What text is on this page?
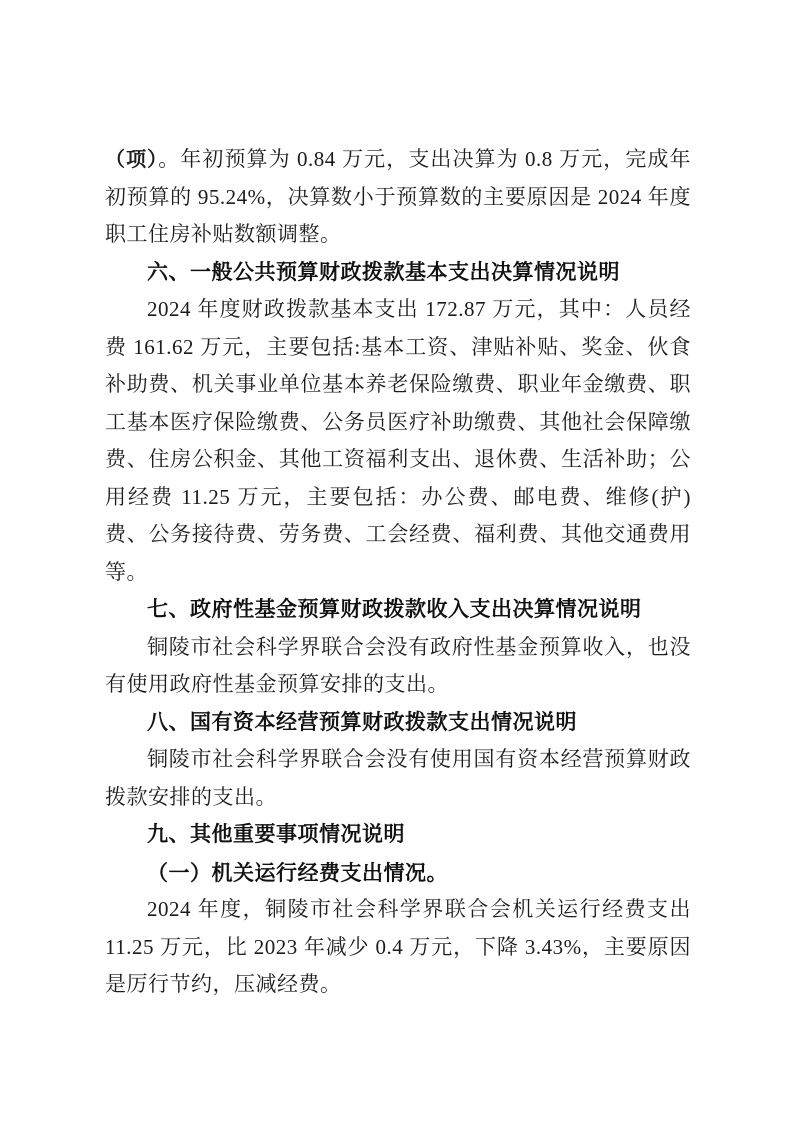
（项）。年初预算为 0.84 万元，支出决算为 0.8 万元，完成年初预算的 95.24%，决算数小于预算数的主要原因是 2024 年度职工住房补贴数额调整。

六、一般公共预算财政拨款基本支出决算情况说明

2024 年度财政拨款基本支出 172.87 万元，其中：人员经费 161.62 万元，主要包括:基本工资、津贴补贴、奖金、伙食补助费、机关事业单位基本养老保险缴费、职业年金缴费、职工基本医疗保险缴费、公务员医疗补助缴费、其他社会保障缴费、住房公积金、其他工资福利支出、退休费、生活补助；公用经费 11.25 万元，主要包括：办公费、邮电费、维修(护)费、公务接待费、劳务费、工会经费、福利费、其他交通费用等。

七、政府性基金预算财政拨款收入支出决算情况说明

铜陵市社会科学界联合会没有政府性基金预算收入，也没有使用政府性基金预算安排的支出。

八、国有资本经营预算财政拨款支出情况说明

铜陵市社会科学界联合会没有使用国有资本经营预算财政拨款安排的支出。

九、其他重要事项情况说明
（一）机关运行经费支出情况。

2024 年度，铜陵市社会科学界联合会机关运行经费支出 11.25 万元，比 2023 年减少 0.4 万元，下降 3.43%，主要原因是厉行节约，压减经费。
